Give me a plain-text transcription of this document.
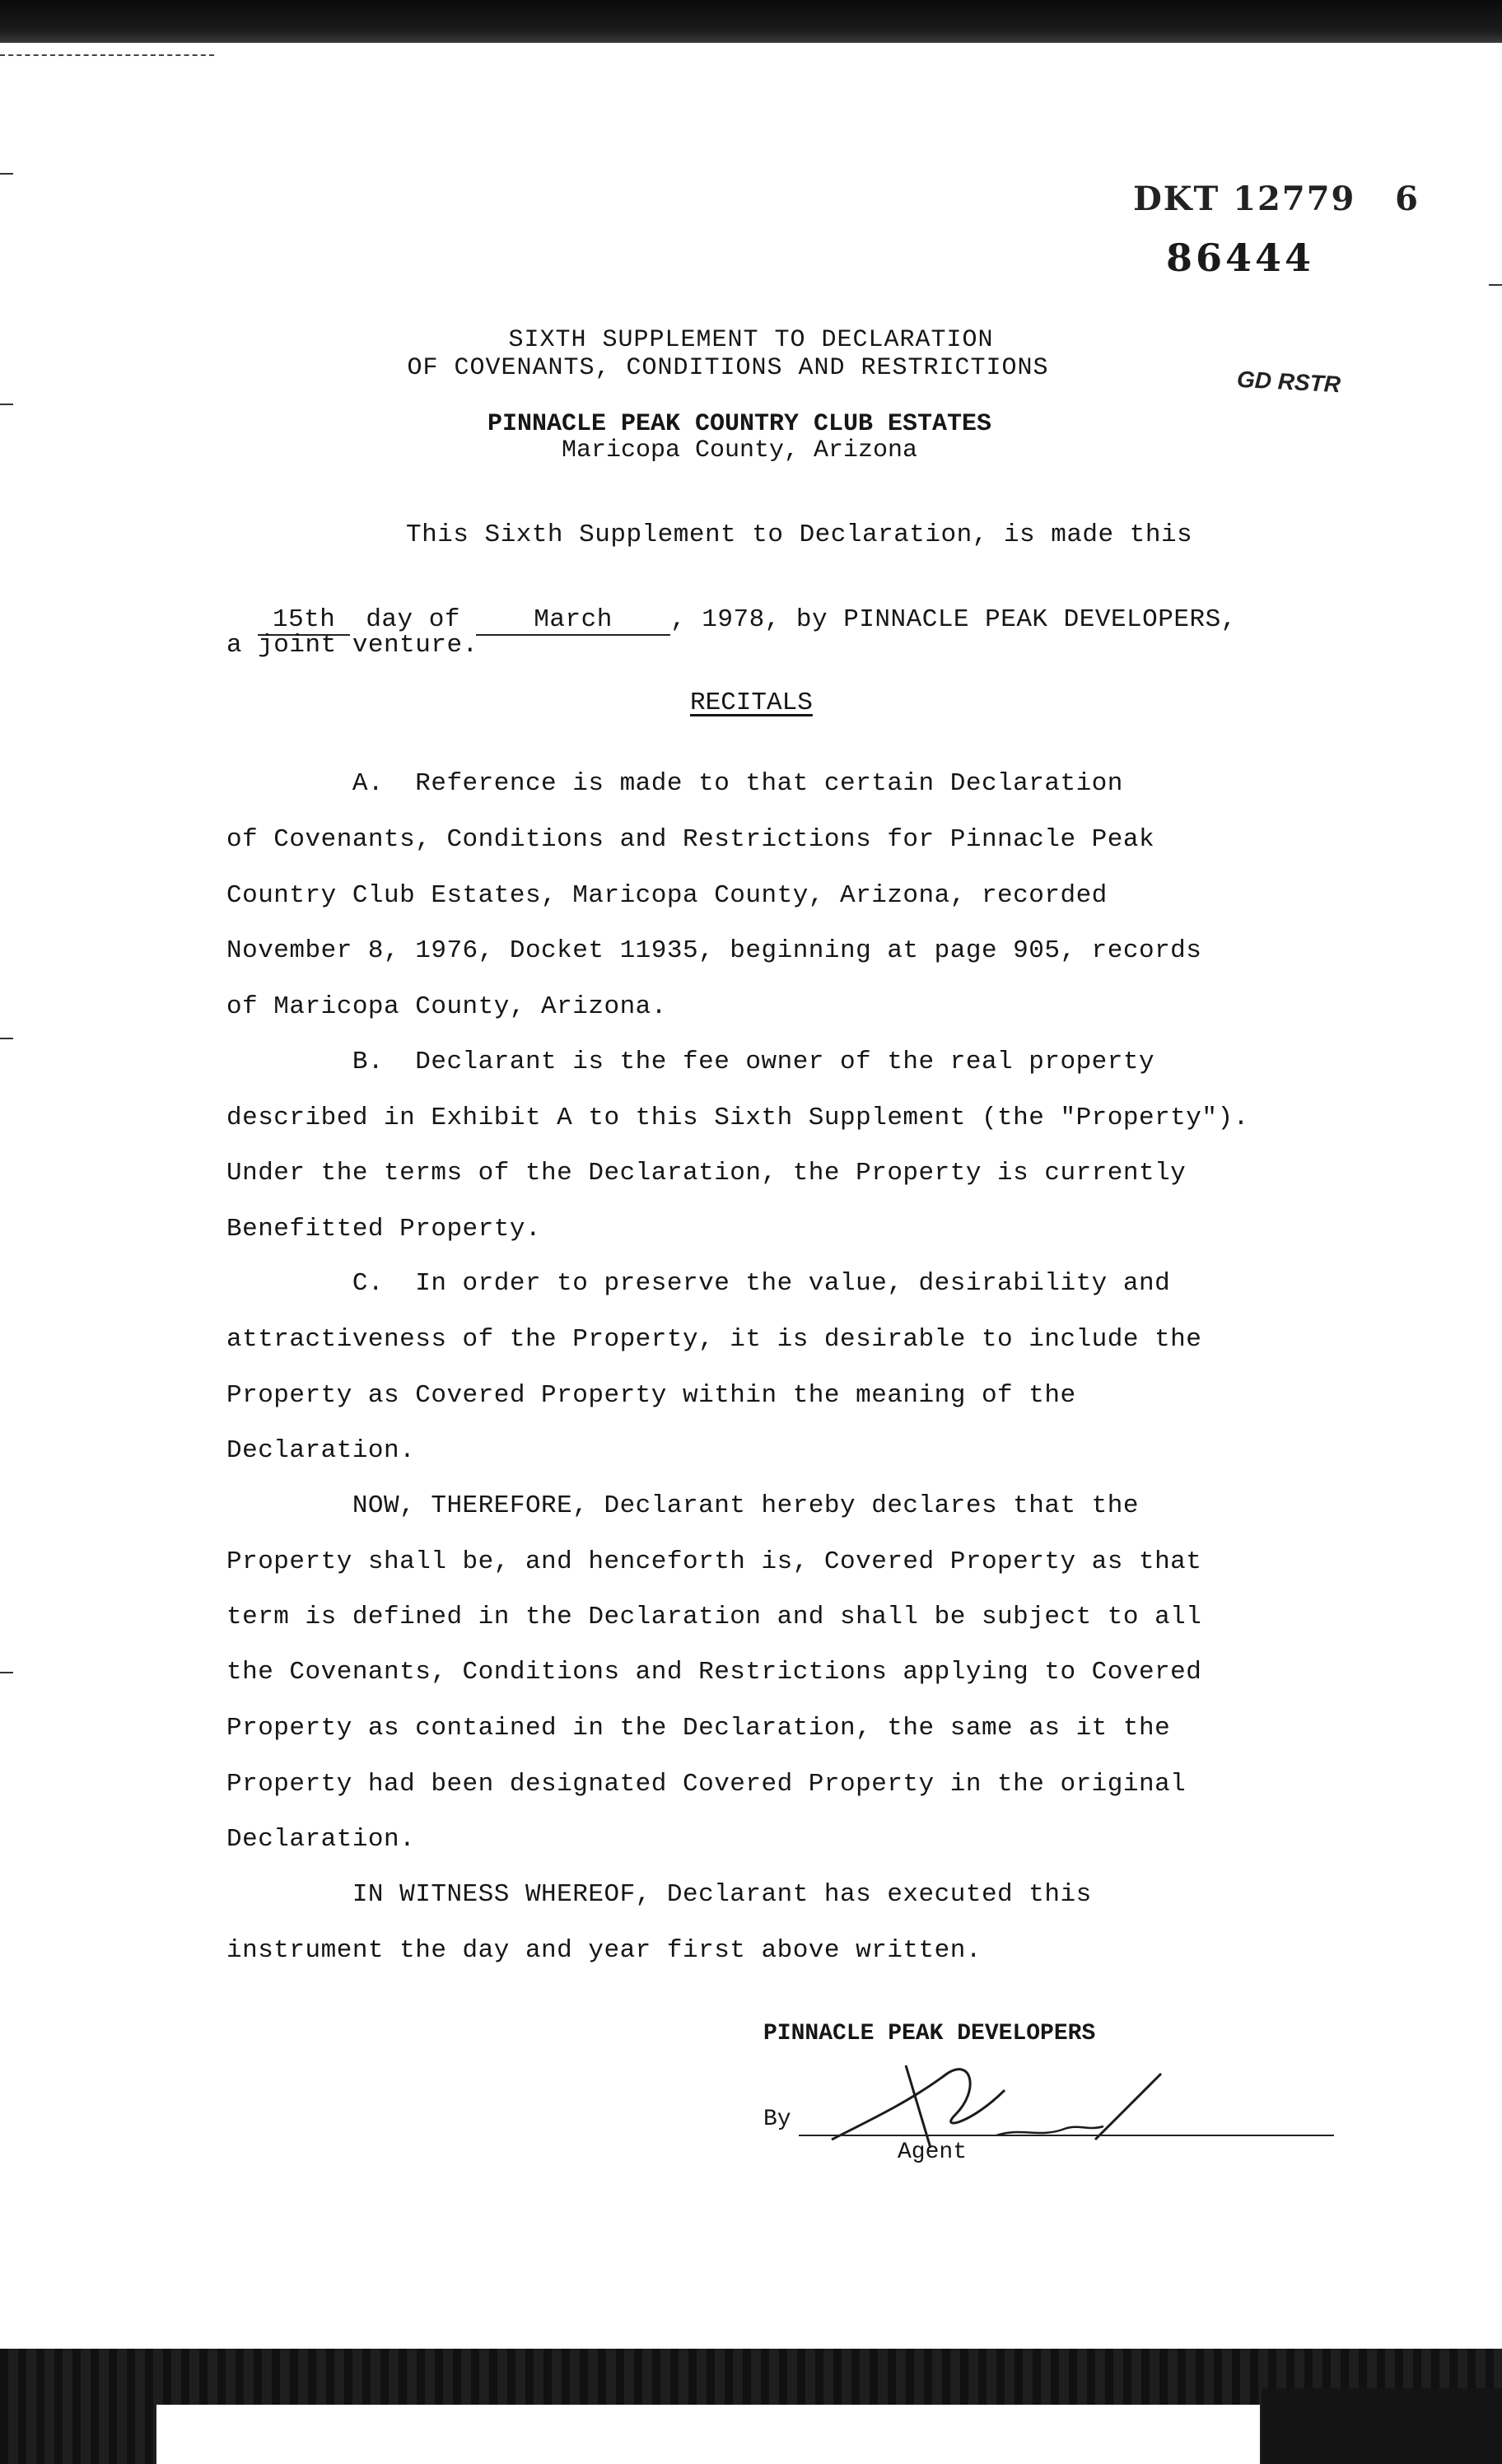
DKT 12779 6
86444
GD RSTR
SIXTH SUPPLEMENT TO DECLARATION
OF COVENANTS, CONDITIONS AND RESTRICTIONS
PINNACLE PEAK COUNTRY CLUB ESTATES
Maricopa County, Arizona
This Sixth Supplement to Declaration, is made this

15th day of	March , 1978, by PINNACLE PEAK DEVELOPERS,

a joint venture.
RECITALS
A.  Reference is made to that certain Declaration
of Covenants, Conditions and Restrictions for Pinnacle Peak
Country Club Estates, Maricopa County, Arizona, recorded
November 8, 1976, Docket 11935, beginning at page 905, records
of Maricopa County, Arizona.
B.  Declarant is the fee owner of the real property
described in Exhibit A to this Sixth Supplement (the "Property").
Under the terms of the Declaration, the Property is currently
Benefitted Property.
C.  In order to preserve the value, desirability and
attractiveness of the Property, it is desirable to include the
Property as Covered Property within the meaning of the
Declaration.
NOW, THEREFORE, Declarant hereby declares that the
Property shall be, and henceforth is, Covered Property as that
term is defined in the Declaration and shall be subject to all
the Covenants, Conditions and Restrictions applying to Covered
Property as contained in the Declaration, the same as it the
Property had been designated Covered Property in the original
Declaration.
IN WITNESS WHEREOF, Declarant has executed this
instrument the day and year first above written.
PINNACLE PEAK DEVELOPERS
By
Agent
